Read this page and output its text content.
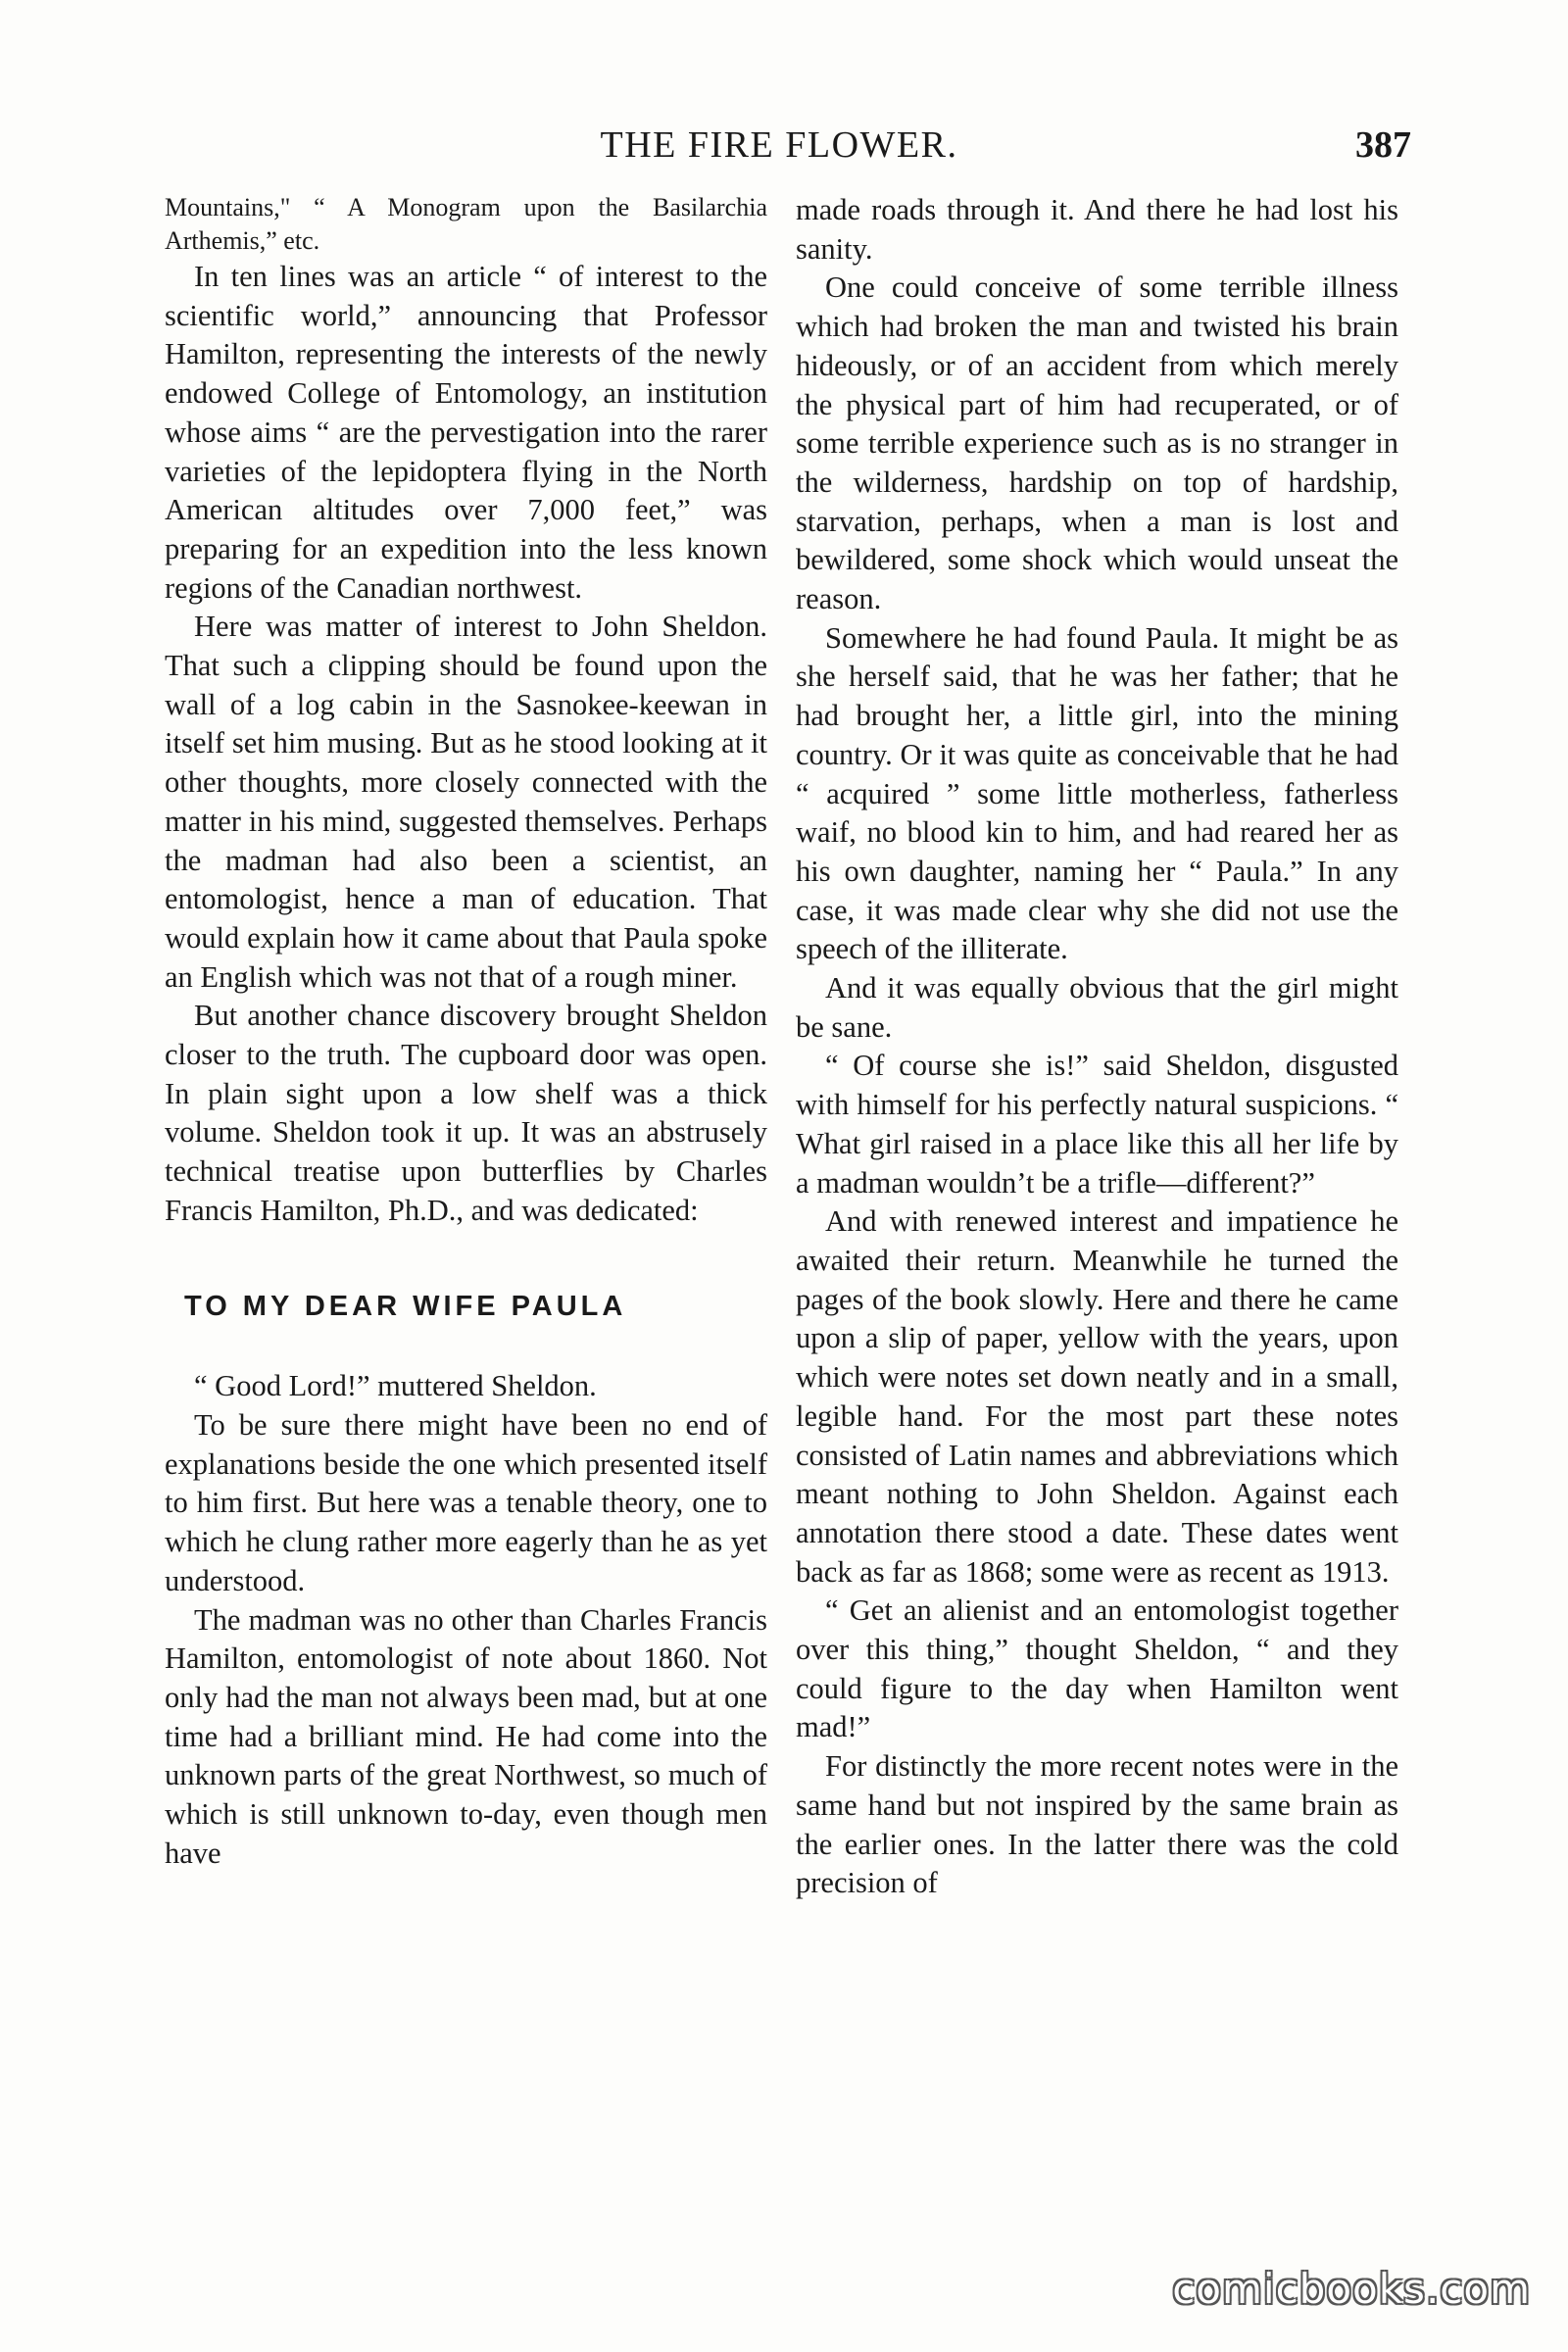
THE FIRE FLOWER.	387

Mountains," “ A Monogram upon the Basilarchia Arthemis,” etc.

In ten lines was an article “ of interest to the scientific world,” announcing that Professor Hamilton, representing the interests of the newly endowed College of Entomology, an institution whose aims “ are the pervestigation into the rarer varieties of the lepidoptera flying in the North American altitudes over 7,000 feet,” was preparing for an expedition into the less known regions of the Canadian northwest.

Here was matter of interest to John Sheldon. That such a clipping should be found upon the wall of a log cabin in the Sasnokee-keewan in itself set him musing. But as he stood looking at it other thoughts, more closely connected with the matter in his mind, suggested themselves. Perhaps the madman had also been a scientist, an entomologist, hence a man of education. That would explain how it came about that Paula spoke an English which was not that of a rough miner.

But another chance discovery brought Sheldon closer to the truth. The cupboard door was open. In plain sight upon a low shelf was a thick volume. Sheldon took it up. It was an abstrusely technical treatise upon butterflies by Charles Francis Hamilton, Ph.D., and was dedicated:

TO MY DEAR WIFE PAULA

“ Good Lord!” muttered Sheldon.

To be sure there might have been no end of explanations beside the one which presented itself to him first. But here was a tenable theory, one to which he clung rather more eagerly than he as yet understood.

The madman was no other than Charles Francis Hamilton, entomologist of note about 1860. Not only had the man not always been mad, but at one time had a brilliant mind. He had come into the unknown parts of the great Northwest, so much of which is still unknown to-day, even though men have

made roads through it. And there he had lost his sanity.

One could conceive of some terrible illness which had broken the man and twisted his brain hideously, or of an accident from which merely the physical part of him had recuperated, or of some terrible experience such as is no stranger in the wilderness, hardship on top of hardship, starvation, perhaps, when a man is lost and bewildered, some shock which would unseat the reason.

Somewhere he had found Paula. It might be as she herself said, that he was her father; that he had brought her, a little girl, into the mining country. Or it was quite as conceivable that he had “ acquired ” some little motherless, fatherless waif, no blood kin to him, and had reared her as his own daughter, naming her “ Paula.” In any case, it was made clear why she did not use the speech of the illiterate.

And it was equally obvious that the girl might be sane.

“ Of course she is!” said Sheldon, disgusted with himself for his perfectly natural suspicions. “ What girl raised in a place like this all her life by a madman wouldn’t be a trifle—different?”

And with renewed interest and impatience he awaited their return. Meanwhile he turned the pages of the book slowly. Here and there he came upon a slip of paper, yellow with the years, upon which were notes set down neatly and in a small, legible hand. For the most part these notes consisted of Latin names and abbreviations which meant nothing to John Sheldon. Against each annotation there stood a date. These dates went back as far as 1868; some were as recent as 1913.

“ Get an alienist and an entomologist together over this thing,” thought Sheldon, “ and they could figure to the day when Hamilton went mad!”

For distinctly the more recent notes were in the same hand but not inspired by the same brain as the earlier ones. In the latter there was the cold precision of

comicbooks.com
